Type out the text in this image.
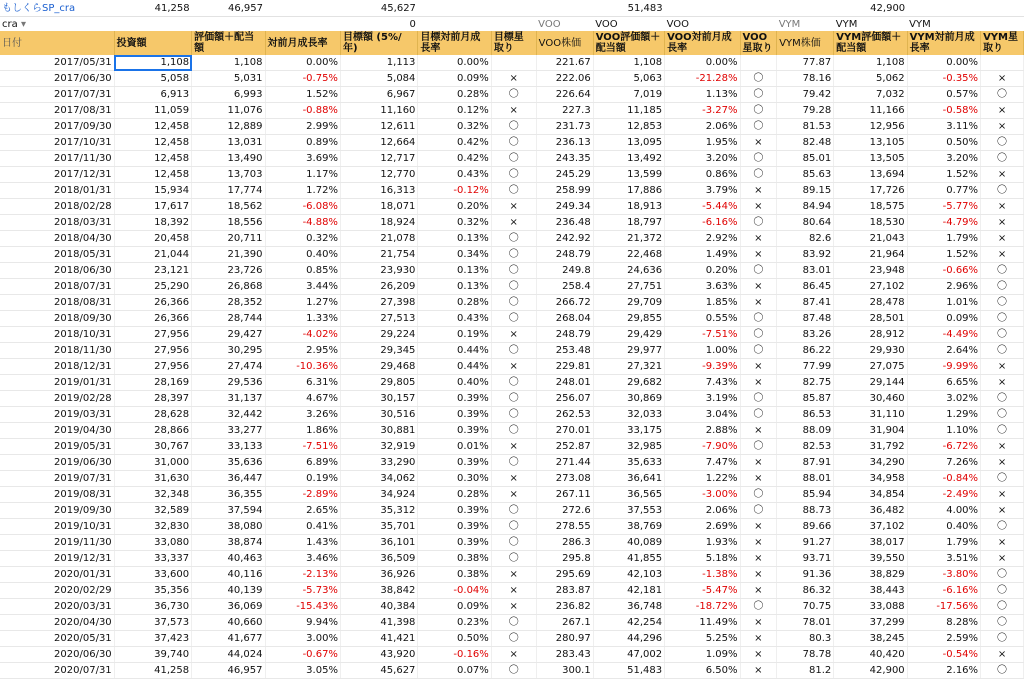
もしくらSP_cra	41,258	46,957		45,627				51,483				42,900		
cra ▾				0			VOO	VOO	VOO		VYM	VYM	VYM	
日付	投資額	評価額＋配当額	対前月成長率	目標額 (5%/年)	目標対前月成長率	目標星取り	VOO株価	VOO評価額＋配当額	VOO対前月成長率	VOO星取り	VYM株価	VYM評価額＋配当額	VYM対前月成長率	VYM星取り
2017/05/31	1,108	1,108	0.00%	1,113	0.00%		221.67	1,108	0.00%		77.87	1,108	0.00%	
2017/06/30	5,058	5,031	-0.75%	5,084	0.09%	×	222.06	5,063	-21.28%	〇	78.16	5,062	-0.35%	×
2017/07/31	6,913	6,993	1.52%	6,967	0.28%	〇	226.64	7,019	1.13%	〇	79.42	7,032	0.57%	〇
2017/08/31	11,059	11,076	-0.88%	11,160	0.12%	×	227.3	11,185	-3.27%	〇	79.28	11,166	-0.58%	×
2017/09/30	12,458	12,889	2.99%	12,611	0.32%	〇	231.73	12,853	2.06%	〇	81.53	12,956	3.11%	×
2017/10/31	12,458	13,031	0.89%	12,664	0.42%	〇	236.13	13,095	1.95%	×	82.48	13,105	0.50%	〇
2017/11/30	12,458	13,490	3.69%	12,717	0.42%	〇	243.35	13,492	3.20%	〇	85.01	13,505	3.20%	〇
2017/12/31	12,458	13,703	1.17%	12,770	0.43%	〇	245.29	13,599	0.86%	〇	85.63	13,694	1.52%	×
2018/01/31	15,934	17,774	1.72%	16,313	-0.12%	〇	258.99	17,886	3.79%	×	89.15	17,726	0.77%	〇
2018/02/28	17,617	18,562	-6.08%	18,071	0.20%	×	249.34	18,913	-5.44%	×	84.94	18,575	-5.77%	×
2018/03/31	18,392	18,556	-4.88%	18,924	0.32%	×	236.48	18,797	-6.16%	〇	80.64	18,530	-4.79%	×
2018/04/30	20,458	20,711	0.32%	21,078	0.13%	〇	242.92	21,372	2.92%	×	82.6	21,043	1.79%	×
2018/05/31	21,044	21,390	0.40%	21,754	0.34%	〇	248.79	22,468	1.49%	×	83.92	21,964	1.52%	×
2018/06/30	23,121	23,726	0.85%	23,930	0.13%	〇	249.8	24,636	0.20%	〇	83.01	23,948	-0.66%	〇
2018/07/31	25,290	26,868	3.44%	26,209	0.13%	〇	258.4	27,751	3.63%	×	86.45	27,102	2.96%	〇
2018/08/31	26,366	28,352	1.27%	27,398	0.28%	〇	266.72	29,709	1.85%	×	87.41	28,478	1.01%	〇
2018/09/30	26,366	28,744	1.33%	27,513	0.43%	〇	268.04	29,855	0.55%	〇	87.48	28,501	0.09%	〇
2018/10/31	27,956	29,427	-4.02%	29,224	0.19%	×	248.79	29,429	-7.51%	〇	83.26	28,912	-4.49%	〇
2018/11/30	27,956	30,295	2.95%	29,345	0.44%	〇	253.48	29,977	1.00%	〇	86.22	29,930	2.64%	〇
2018/12/31	27,956	27,474	-10.36%	29,468	0.44%	×	229.81	27,321	-9.39%	×	77.99	27,075	-9.99%	×
2019/01/31	28,169	29,536	6.31%	29,805	0.40%	〇	248.01	29,682	7.43%	×	82.75	29,144	6.65%	×
2019/02/28	28,397	31,137	4.67%	30,157	0.39%	〇	256.07	30,869	3.19%	〇	85.87	30,460	3.02%	〇
2019/03/31	28,628	32,442	3.26%	30,516	0.39%	〇	262.53	32,033	3.04%	〇	86.53	31,110	1.29%	〇
2019/04/30	28,866	33,277	1.86%	30,881	0.39%	〇	270.01	33,175	2.88%	×	88.09	31,904	1.10%	〇
2019/05/31	30,767	33,133	-7.51%	32,919	0.01%	×	252.87	32,985	-7.90%	〇	82.53	31,792	-6.72%	×
2019/06/30	31,000	35,636	6.89%	33,290	0.39%	〇	271.44	35,633	7.47%	×	87.91	34,290	7.26%	×
2019/07/31	31,630	36,447	0.19%	34,062	0.30%	×	273.08	36,641	1.22%	×	88.01	34,958	-0.84%	〇
2019/08/31	32,348	36,355	-2.89%	34,924	0.28%	×	267.11	36,565	-3.00%	〇	85.94	34,854	-2.49%	×
2019/09/30	32,589	37,594	2.65%	35,312	0.39%	〇	272.6	37,553	2.06%	〇	88.73	36,482	4.00%	×
2019/10/31	32,830	38,080	0.41%	35,701	0.39%	〇	278.55	38,769	2.69%	×	89.66	37,102	0.40%	〇
2019/11/30	33,080	38,874	1.43%	36,101	0.39%	〇	286.3	40,089	1.93%	×	91.27	38,017	1.79%	×
2019/12/31	33,337	40,463	3.46%	36,509	0.38%	〇	295.8	41,855	5.18%	×	93.71	39,550	3.51%	×
2020/01/31	33,600	40,116	-2.13%	36,926	0.38%	×	295.69	42,103	-1.38%	×	91.36	38,829	-3.80%	〇
2020/02/29	35,356	40,139	-5.73%	38,842	-0.04%	×	283.87	42,181	-5.47%	×	86.32	38,443	-6.16%	〇
2020/03/31	36,730	36,069	-15.43%	40,384	0.09%	×	236.82	36,748	-18.72%	〇	70.75	33,088	-17.56%	〇
2020/04/30	37,573	40,660	9.94%	41,398	0.23%	〇	267.1	42,254	11.49%	×	78.01	37,299	8.28%	〇
2020/05/31	37,423	41,677	3.00%	41,421	0.50%	〇	280.97	44,296	5.25%	×	80.3	38,245	2.59%	〇
2020/06/30	39,740	44,024	-0.67%	43,920	-0.16%	×	283.43	47,002	1.09%	×	78.78	40,420	-0.54%	×
2020/07/31	41,258	46,957	3.05%	45,627	0.07%	〇	300.1	51,483	6.50%	×	81.2	42,900	2.16%	〇
